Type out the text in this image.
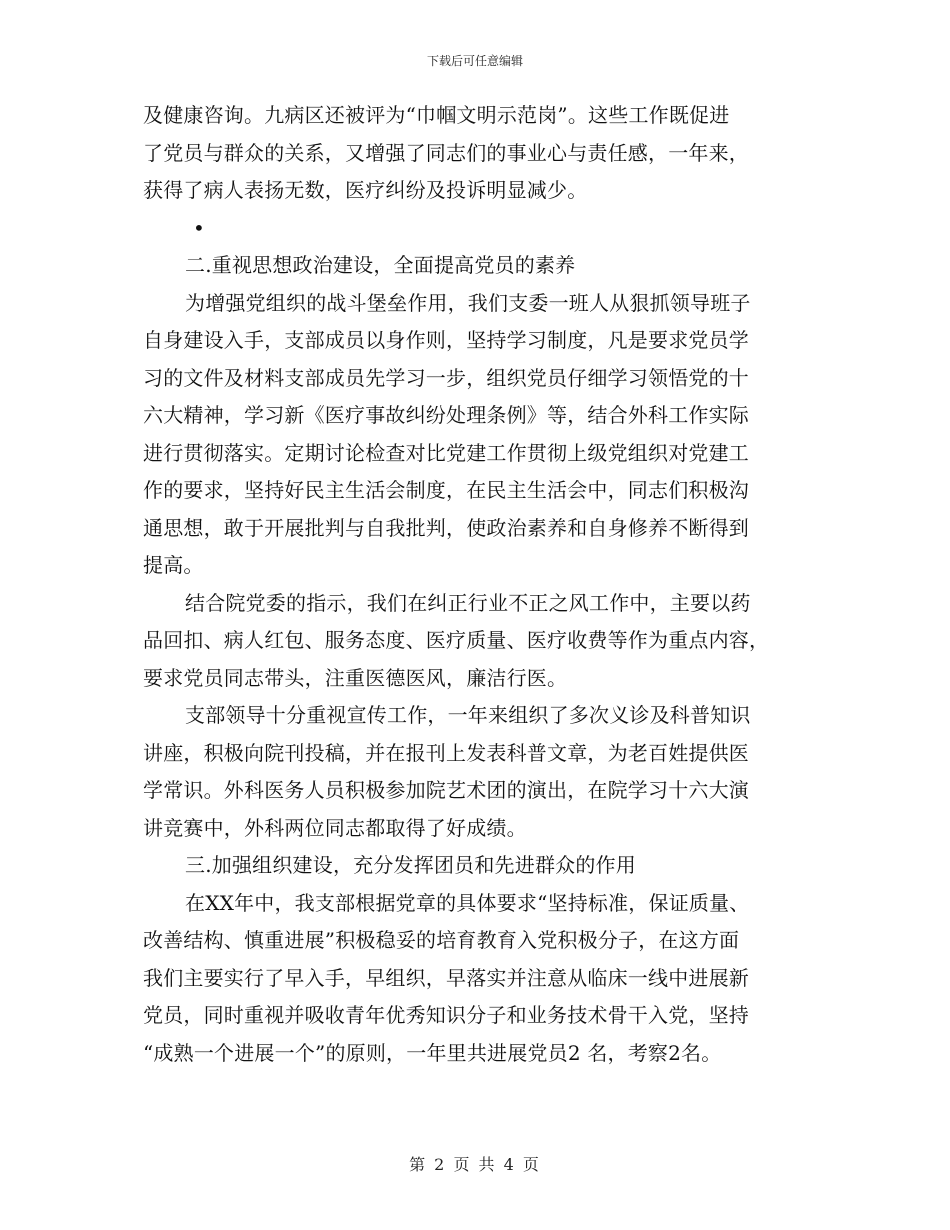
下载后可任意编辑
及健康咨询。九病区还被评为“巾帼文明示范岗”。这些工作既促进
了党员与群众的关系，又增强了同志们的事业心与责任感，一年来，
获得了病人表扬无数，医疗纠纷及投诉明显减少。
•
二.重视思想政治建设，全面提高党员的素养
为增强党组织的战斗堡垒作用，我们支委一班人从狠抓领导班子
自身建设入手，支部成员以身作则，坚持学习制度，凡是要求党员学
习的文件及材料支部成员先学习一步，组织党员仔细学习领悟党的十
六大精神，学习新《医疗事故纠纷处理条例》等，结合外科工作实际
进行贯彻落实。定期讨论检查对比党建工作贯彻上级党组织对党建工
作的要求，坚持好民主生活会制度，在民主生活会中，同志们积极沟
通思想，敢于开展批判与自我批判，使政治素养和自身修养不断得到
提高。
结合院党委的指示，我们在纠正行业不正之风工作中，主要以药
品回扣、病人红包、服务态度、医疗质量、医疗收费等作为重点内容，
要求党员同志带头，注重医德医风，廉洁行医。
支部领导十分重视宣传工作，一年来组织了多次义诊及科普知识
讲座，积极向院刊投稿，并在报刊上发表科普文章，为老百姓提供医
学常识。外科医务人员积极参加院艺术团的演出，在院学习十六大演
讲竞赛中，外科两位同志都取得了好成绩。
三.加强组织建设，充分发挥团员和先进群众的作用
在XX年中，我支部根据党章的具体要求“坚持标准，保证质量、
改善结构、慎重进展”积极稳妥的培育教育入党积极分子，在这方面
我们主要实行了早入手，早组织，早落实并注意从临床一线中进展新
党员，同时重视并吸收青年优秀知识分子和业务技术骨干入党，坚持
“成熟一个进展一个”的原则，一年里共进展党员2 名，考察2名。
第 2 页 共 4 页
